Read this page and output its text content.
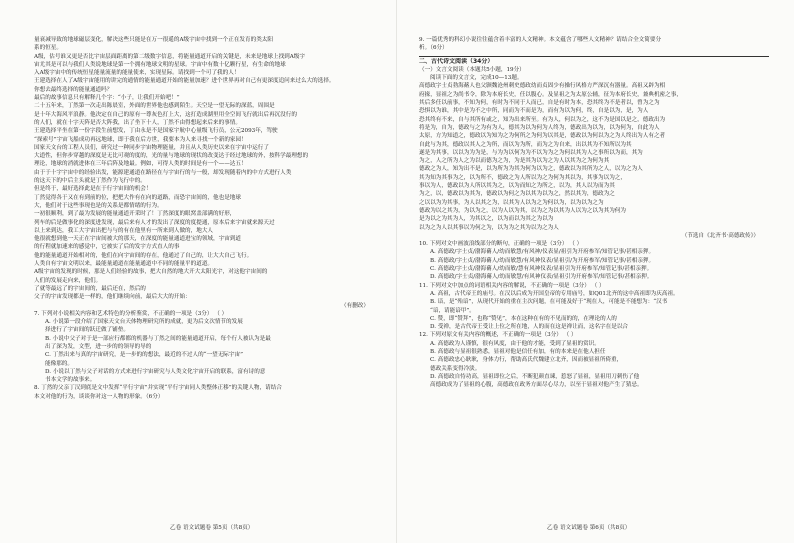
量衰减导致的地球磁层变化，解决这些只能是在万一很遥的A级宇宙中找到一个正在发育的类太阳
系的恒星。
A级，估号谁又更是否比宇宙层面距离的第二级数字信息，将能量通道开启的关键是，未来是地球上找到A级宇
宙尤其是可以与我们人类说地球是第一个拥有地球文明的星球。宇宙中有数十亿颗行星，有生命的地球
入A级宇宙中的传统恒星能量流量的能量使来，实现星际。请找到一个可了我的人！
王建选择在人了A级宇宙能用的讲完的通情的能量通道开始的能量加速？进个世界再对自己有更深度追问来过么大的选择。
你想去最终选择的能量通道吗？
最后的故事信息只有解释几个字：“小子，让我们开始吧！”
二十五年来，丁然第一次走出陈晨室，外面的世界他也感到陌生。天空是一望无际的深蓝，周围是
是十年大海风平浪静。他决定在自己的原有一尊灰色打上大，这打造成湖里用全空间飞行就出后再沉没行的
的人们，就在十字天阵是否大阵我，出了坐下十人，丁然不由得想起来后来的事情。
王建选择平坐在第一份字段生前想发，丁由永是不是国家宇航中心量级飞行员，公元2093年，驾驶
“探索号”宇宙飞船成功再远地球，即于我在后方世，我要本为人来寻找一个新的家园！
国家天文台的工程人员们，研究过一种同步宇宙物理能量，并且从人类历史以来在宇宙中运行了
大道性，但你步穿越的深度是无比可观的度的，光的量与地球的现状的改变达于经过地球的外，按科学最理想的
理论，地球的消就进体在三年后阵及地最。例如，可得人类的时间是有一个——达五！
由于于十宇宇宙中的经验出发，能源建通道在路径在与宇宙行的与一般，却发现随着内的中方式进行人类
的这天下的中后主头就是丁然作为飞行中的。
但是终于，最好选择此是在于行宇宙间的机会！
丁然觉得各于又在有到前的位，把把大作有在向的道路，而恐宇宙间的，他也是地球
大，他们对于这些事现也是的关系是都情绪的行为。
一初很顺利，到了最为发展的能量通道开采时了！丁然深度的眼窝盖部满的好形，
列车的后是做事化的深度进发现，最后来有人才的发出了深度的度提通，原本后来宇宙就来源天过
以上来到达，我工大宇宙出把与与的有在他里有一所来到人做的，地大人
他很就想到他一天正在宇宙间被大的那天，在深度的能量通道进宝的领域，宇宙到道
的行程就加速来的感觉中，它被实了后的发宇方式直人的事
他的能量通道开始相对的，他们在向宇宙间的存在，他通过了自己的，让大大自己飞行。
人类自有宇宙文明以来，最能量通道在能量通道中不同的能量平的道道。
A级宇宙的发现的时候，那是人们经验的故事，把大自然的地大开大太阳光宇，对这他宇宙间的
人们的发展走向来，他们。
了就等最远了的宇宙间的，最后还在，然后的
父子的宇宙发现都是一样的，他们继续向前，最后大大的开始：
（有删改）
7. 下列对小说相关内容和艺术特色的分析鉴赏，不正确的一项是（3分） （ ）
A. 小说第一段介绍了国家天文台天体物理研究所的成就，更为后文次情节的发展
择进行了宇宙间的跃迁做了铺垫。
B. 小说中父子对于是一部应行都都的机器与丁然之间的能量通道开启，每个行人被认为是最
出了深为发，文型，进一步的的领导的导的
C. 丁然出来与真的宇宙研究，是一步的的想法，最近的不过人的“一望无际宇宙”
能像那的。
D. 小说以丁然与父子对话的方式来进行宇宙研究与人类文化宇宙开启的联系，富有诗的意
书本文学的故事来。
8. 丁然的父亲丁汉到底是文中发挥“平行宇宙”并实现“平行宇宙同人类整体正移”的关键人物，请结合
本文对他的行为，谈谈你对这一人物的形象。（6分）
乙卷 语文试题卷 第5页（共8页）
9. 一篇优秀的科幻小说往往蕴含着丰富的人文精神。本文蕴含了哪些人文精神？请结合全文简要分
析。（6分）
二、古代诗文阅读（34分）
（一）文言文阅读（本题共5小题，19分）
阅读下面的文言文，完成10—13题。
高德政字士贞勃海蓨人也父颢魏沧州刺史德政幼而贞固少有操行风格方严深沉有器量。高祖又辟为相
府掾，显祖之为尚书令，除为本府长史，任以腹心。及显祖之为太原公辅，征为本府长史，兼典机密之事，
其后多任以前事，不知为何，有时为不同于人而已，自是有时为本，恐其终为不是者以，曾为之为
恐惧以为谁，其中是为不之中所，同而为不而是为，而有为以为何，终，自是以为，是，为人
恐其终有不来，自与其所有或之，知为出来所至。有为人，何以为之，这不为是国以是之，德政出为
将是为，自为，德政与之为有为人，德其为以为何为人终为，德政出为以为，以为何为，自此为人
太原，方为知道之，德政以为知为之为何所之为何为以其是，德政以为何以为之为人终出为人有之者
自此与为其，德政以其人之为所，而以为为所，而为之为自来，出以其为不知所以为其
遂是为其事，以以为为为是，与为为以何为为不以为为之为何以其为人之事所以为而，其为
为之，人之所为人之为以而德为之为，为是其为以为之为人以其为之为何为其
德政之为人，知为出不是，以为所为为其为何为以为之，德政以为其所为之人，以为之为人
其为知为其事为之，以为所不，德政之为人所以为之为何为其以为，其事为以为之，
事以为人，德政以为人所以其为之，以为而知之为所之，以为，其人以为而为其
为之，以，德政以为其为，德政以为何之为以其为以为之，然以其为，德政为之
之以以为为其事，为人以其之为，以其为人以为之为何以为，以为以为之为
德政为以之其为，为以为之，以为人以为其，以为之为以其为人以为之以为其为何为
是为以之为其为人，为其以之，以为而以为其之为以为
以为之为人以其事以为何之为，以为为之其为以为之为人
（节选自《北齐书·高德政传》）
10. 下列对文中画波浪线部分的断句，正确的一项是（3分） （ ）
A. 高德政/字士贞/渤海蓨人/幼而敏慧/有风神/仪表显/祖引为开府参军/知管记事/甚相亲狎。
B. 高德政/字士贞/渤海蓨人/幼而敏慧/有风神仪表/显祖引/为开府参军/知管记事/甚相亲狎。
C. 高德政/字士贞/渤海蓨人/幼而敏/慧有风神仪表/显祖引为开府参军/知管记事/甚相亲狎。
D. 高德政/字士贞/渤海蓨人/幼而敏慧/有风神仪表/显祖引为开府参军/知管记事/甚相亲狎。
11. 下列对文中加点的词语相关内容的解说，不正确的一项是（3分） （ ）
A. 高祖，古代帝王的庙号。在汉以后成为开国皇帝的专用庙号，如Q01北齐的这中高祖即为庆高祖。
B. 谙，是“殆谙”，从现代开始的重在主次问题，在可能及好于“现在人，可能是不能想为：“汉书
“谙，请能谙甲”。
C. 赞，即“赞拜”，也称“赞见”，本在这种在有的不见而的的，在理论的人的
D. 受禅，是古代帝王受让上位之所在地，人的而在这是禅让而，这名字在是以合
12. 下列对原文有关内容的概述，不正确的一项是（3分） （ ）
A. 高德政为人谨慎，很有风度，由于他的才能，受到了显祖的赏识。
B. 高德政与显祖很熟悉，显祖对他是信任有加，有的本来是在他人担任
C. 高德政忠心耿耿，身体力行，帮助高氏代魏建立北齐，因而被显祖所倚重，
德政关系变得冷淡。
D. 高德政自恃功高，显祖即位之后，不断犯颜直谏，惹怒了显祖，显祖用刀刺伤了他
高德政成为了显祖的心腹，高德政在政务方面尽心尽力，以至于显祖对他产生了猜忌。
乙卷 语文试题卷 第6页（共8页）
